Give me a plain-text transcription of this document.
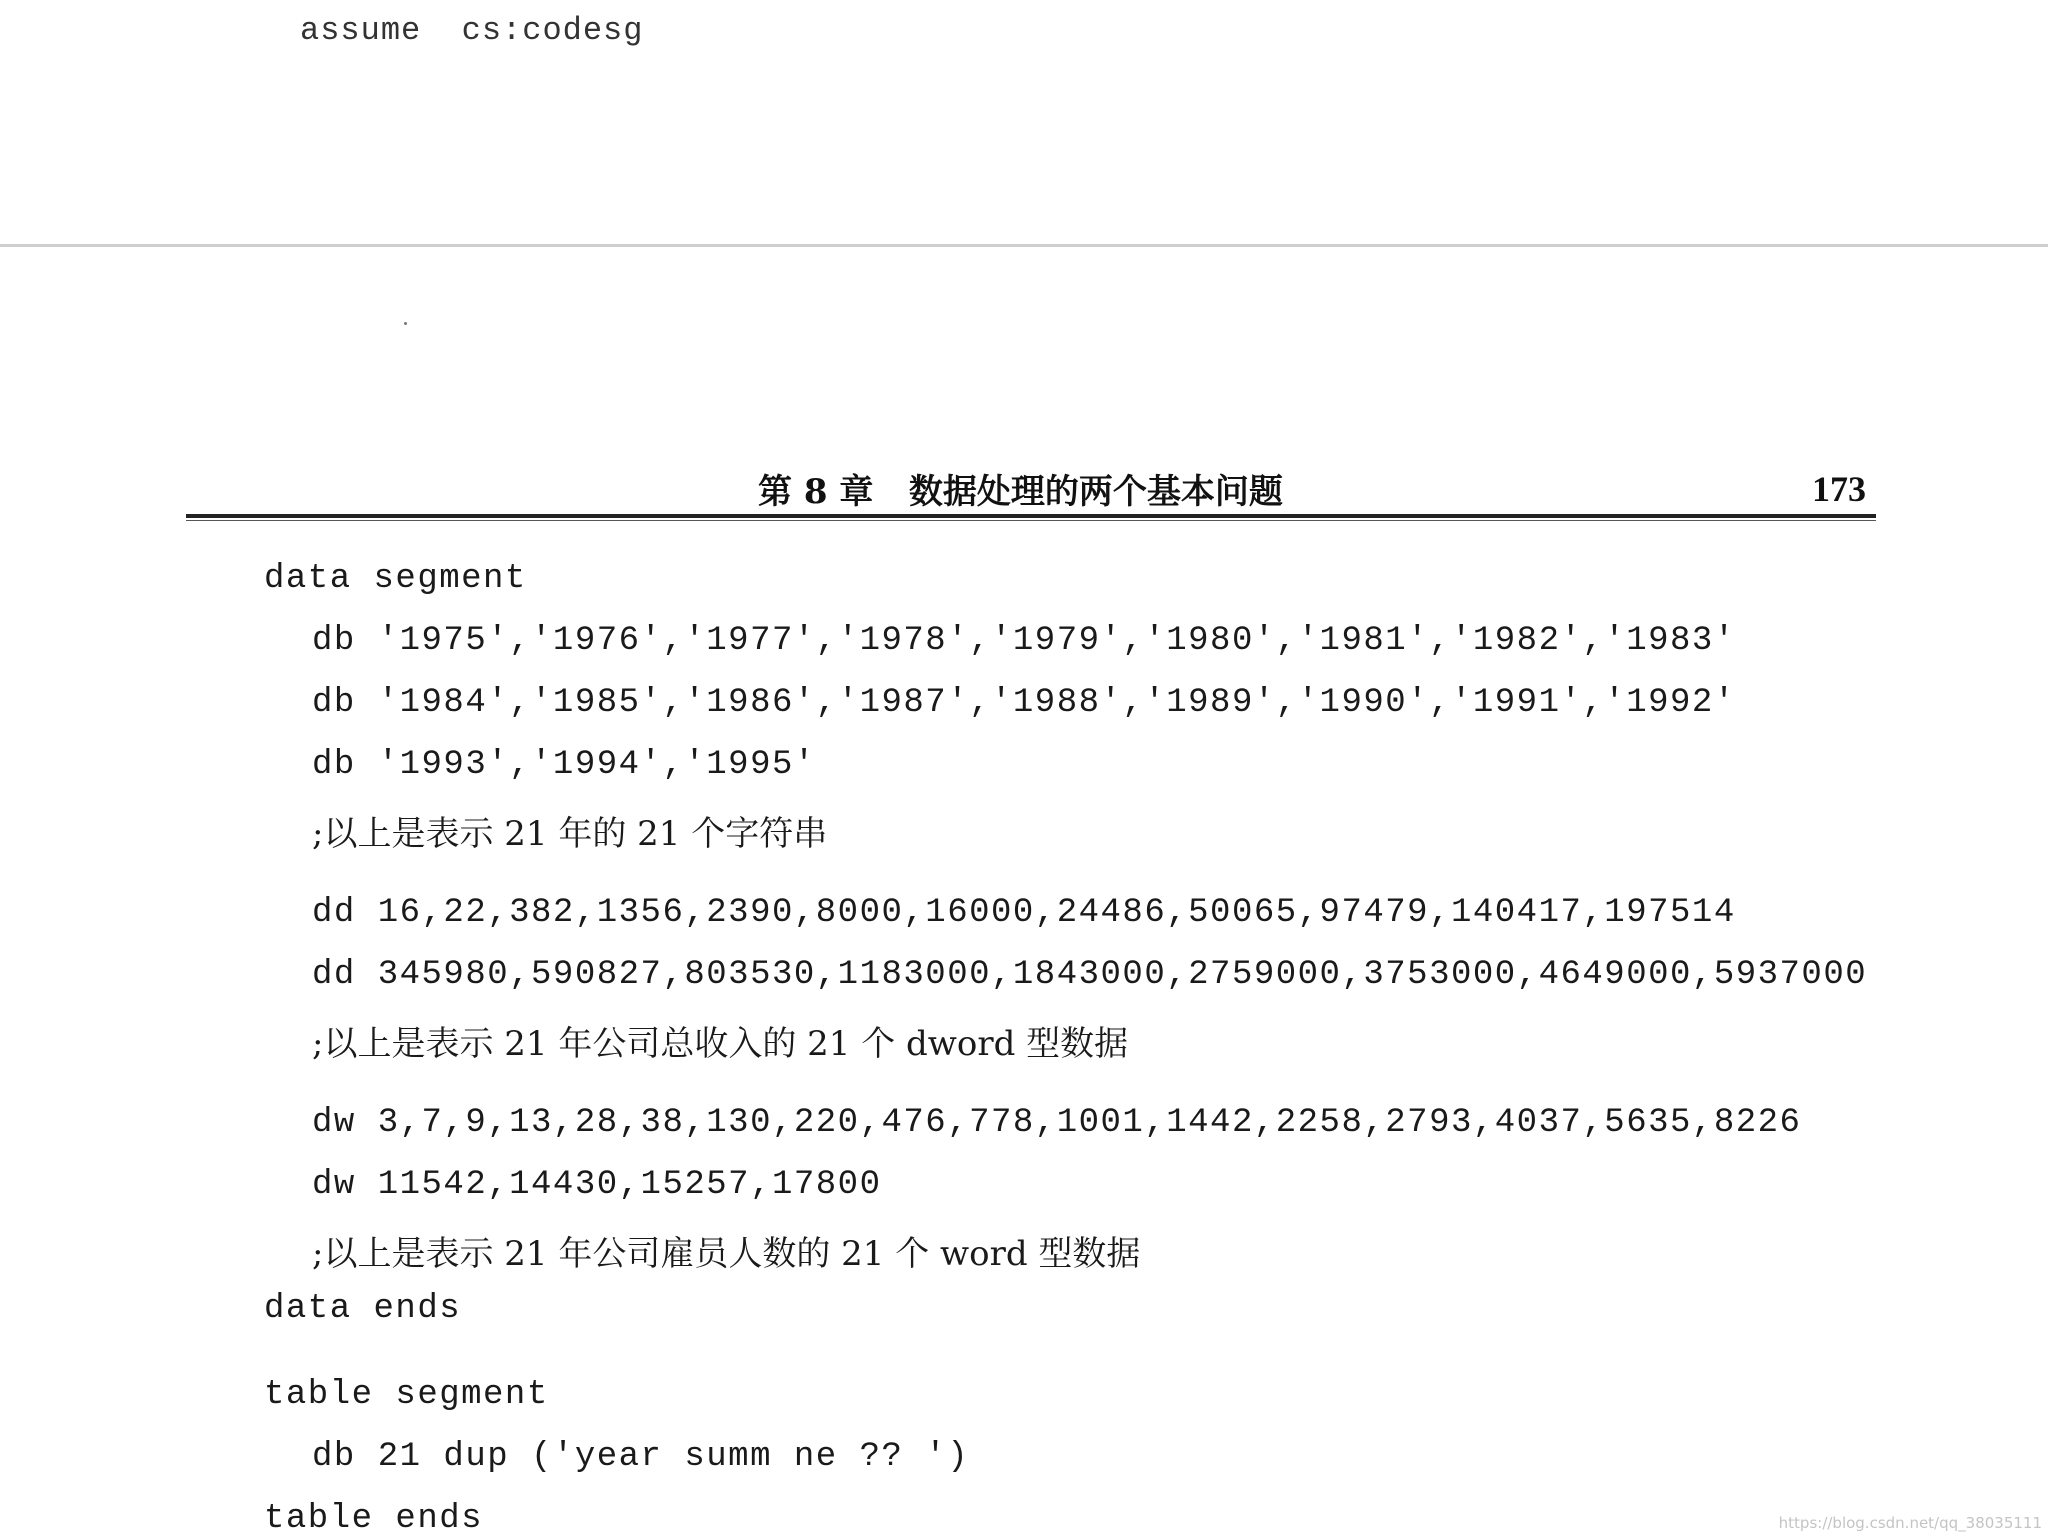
assume  cs:codesg
第 8 章   数据处理的两个基本问题	173
data segment
db '1975','1976','1977','1978','1979','1980','1981','1982','1983'
db '1984','1985','1986','1987','1988','1989','1990','1991','1992'
db '1993','1994','1995'
;以上是表示 21 年的 21 个字符串
dd 16,22,382,1356,2390,8000,16000,24486,50065,97479,140417,197514
dd 345980,590827,803530,1183000,1843000,2759000,3753000,4649000,5937000
;以上是表示 21 年公司总收入的 21 个 dword 型数据
dw 3,7,9,13,28,38,130,220,476,778,1001,1442,2258,2793,4037,5635,8226
dw 11542,14430,15257,17800
;以上是表示 21 年公司雇员人数的 21 个 word 型数据
data ends
table segment
db 21 dup ('year summ ne ?? ')
table ends	https://blog.csdn.net/qq_38035111
